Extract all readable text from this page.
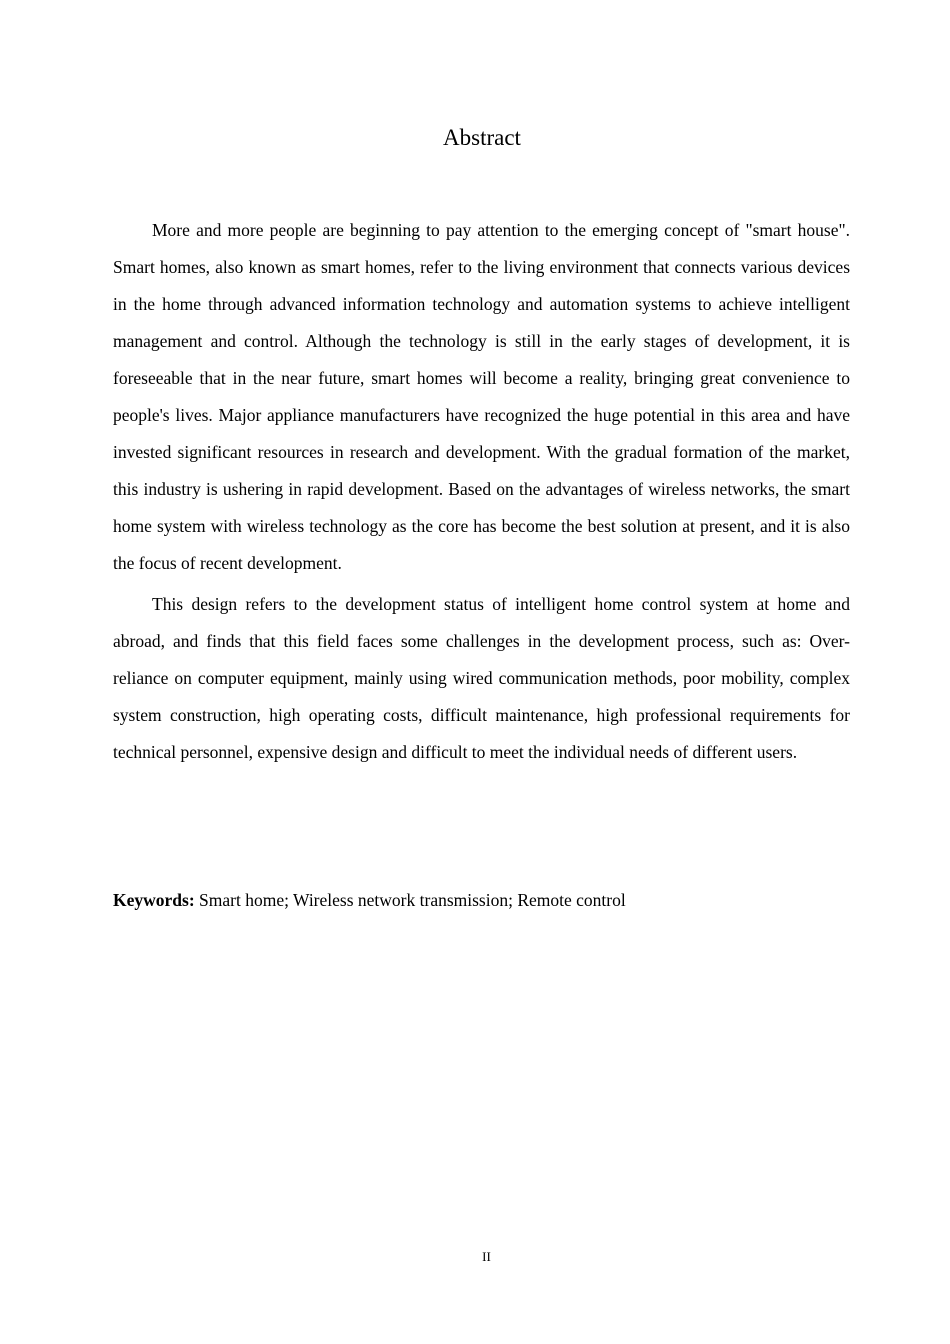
Abstract

More and more people are beginning to pay attention to the emerging concept of "smart house". Smart homes, also known as smart homes, refer to the living environment that connects various devices in the home through advanced information technology and automation systems to achieve intelligent management and control. Although the technology is still in the early stages of development, it is foreseeable that in the near future, smart homes will become a reality, bringing great convenience to people's lives. Major appliance manufacturers have recognized the huge potential in this area and have invested significant resources in research and development. With the gradual formation of the market, this industry is ushering in rapid development. Based on the advantages of wireless networks, the smart home system with wireless technology as the core has become the best solution at present, and it is also the focus of recent development.

This design refers to the development status of intelligent home control system at home and abroad, and finds that this field faces some challenges in the development process, such as: Over-reliance on computer equipment, mainly using wired communication methods, poor mobility, complex system construction, high operating costs, difficult maintenance, high professional requirements for technical personnel, expensive design and difficult to meet the individual needs of different users.

Keywords: Smart home; Wireless network transmission; Remote control

II
